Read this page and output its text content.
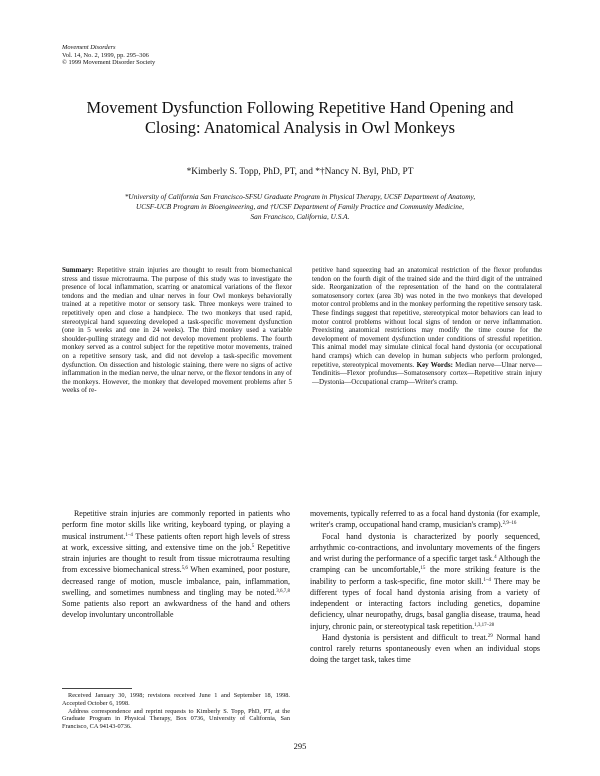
Movement Disorders
Vol. 14, No. 2, 1999, pp. 295–306
© 1999 Movement Disorder Society
Movement Dysfunction Following Repetitive Hand Opening and
Closing: Anatomical Analysis in Owl Monkeys
*Kimberly S. Topp, PhD, PT, and *†Nancy N. Byl, PhD, PT
*University of California San Francisco-SFSU Graduate Program in Physical Therapy, UCSF Department of Anatomy,
UCSF-UCB Program in Bioengineering, and †UCSF Department of Family Practice and Community Medicine,
San Francisco, California, U.S.A.

Summary: Repetitive strain injuries are thought to result from biomechanical stress and tissue microtrauma. The purpose of this study was to investigate the presence of local inflammation, scarring or anatomical variations of the flexor tendons and the median and ulnar nerves in four Owl monkeys behaviorally trained at a repetitive motor or sensory task. Three monkeys were trained to repetitively open and close a handpiece. The two monkeys that used rapid, stereotypical hand squeezing developed a task-specific movement dysfunction (one in 5 weeks and one in 24 weeks). The third monkey used a variable shoulder-pulling strategy and did not develop movement problems. The fourth monkey served as a control subject for the repetitive motor movements, trained on a repetitive sensory task, and did not develop a task-specific movement dysfunction. On dissection and histologic staining, there were no signs of active inflammation in the median nerve, the ulnar nerve, or the flexor tendons in any of the monkeys. However, the monkey that developed movement problems after 5 weeks of re-

petitive hand squeezing had an anatomical restriction of the flexor profundus tendon on the fourth digit of the trained side and the third digit of the untrained side. Reorganization of the representation of the hand on the contralateral somatosensory cortex (area 3b) was noted in the two monkeys that developed motor control problems and in the monkey performing the repetitive sensory task. These findings suggest that repetitive, stereotypical motor behaviors can lead to motor control problems without local signs of tendon or nerve inflammation. Preexisting anatomical restrictions may modify the time course for the development of movement dysfunction under conditions of stressful repetition. This animal model may simulate clinical focal hand dystonia (or occupational hand cramps) which can develop in human subjects who perform prolonged, repetitive, stereotypical movements. Key Words: Median nerve—Ulnar nerve—Tendinitis—Flexor profundus—Somatosensory cortex—Repetitive strain injury—Dystonia—Occupational cramp—Writer's cramp.

Repetitive strain injuries are commonly reported in patients who perform fine motor skills like writing, keyboard typing, or playing a musical instrument.$^{1-4}$ These patients often report high levels of stress at work, excessive sitting, and extensive time on the job.$^5$ Repetitive strain injuries are thought to result from tissue microtrauma resulting from excessive biomechanical stress.$^{5,6}$ When examined, poor posture, decreased range of motion, muscle imbalance, pain, inflammation, swelling, and sometimes numbness and tingling may be noted.$^{3,6,7,8}$ Some patients also report an awkwardness of the hand and others develop involuntary uncontrollable

movements, typically referred to as a focal hand dystonia (for example, writer's cramp, occupational hand cramp, musician's cramp).$^{2,9-16}$

Focal hand dystonia is characterized by poorly sequenced, arrhythmic co-contractions, and involuntary movements of the fingers and wrist during the performance of a specific target task.$^4$ Although the cramping can be uncomfortable,$^{15}$ the more striking feature is the inability to perform a task-specific, fine motor skill.$^{1-4}$ There may be different types of focal hand dystonia arising from a variety of independent or interacting factors including genetics, dopamine deficiency, ulnar neuropathy, drugs, basal ganglia disease, trauma, head injury, chronic pain, or stereotypical task repetition.$^{1,3,17-28}$

Hand dystonia is persistent and difficult to treat.$^{29}$ Normal hand control rarely returns spontaneously even when an individual stops doing the target task, takes time

Received January 30, 1998; revisions received June 1 and September 18, 1998. Accepted October 6, 1998.

Address correspondence and reprint requests to Kimberly S. Topp, PhD, PT, at the Graduate Program in Physical Therapy, Box 0736, University of California, San Francisco, CA 94143-0736.

295
